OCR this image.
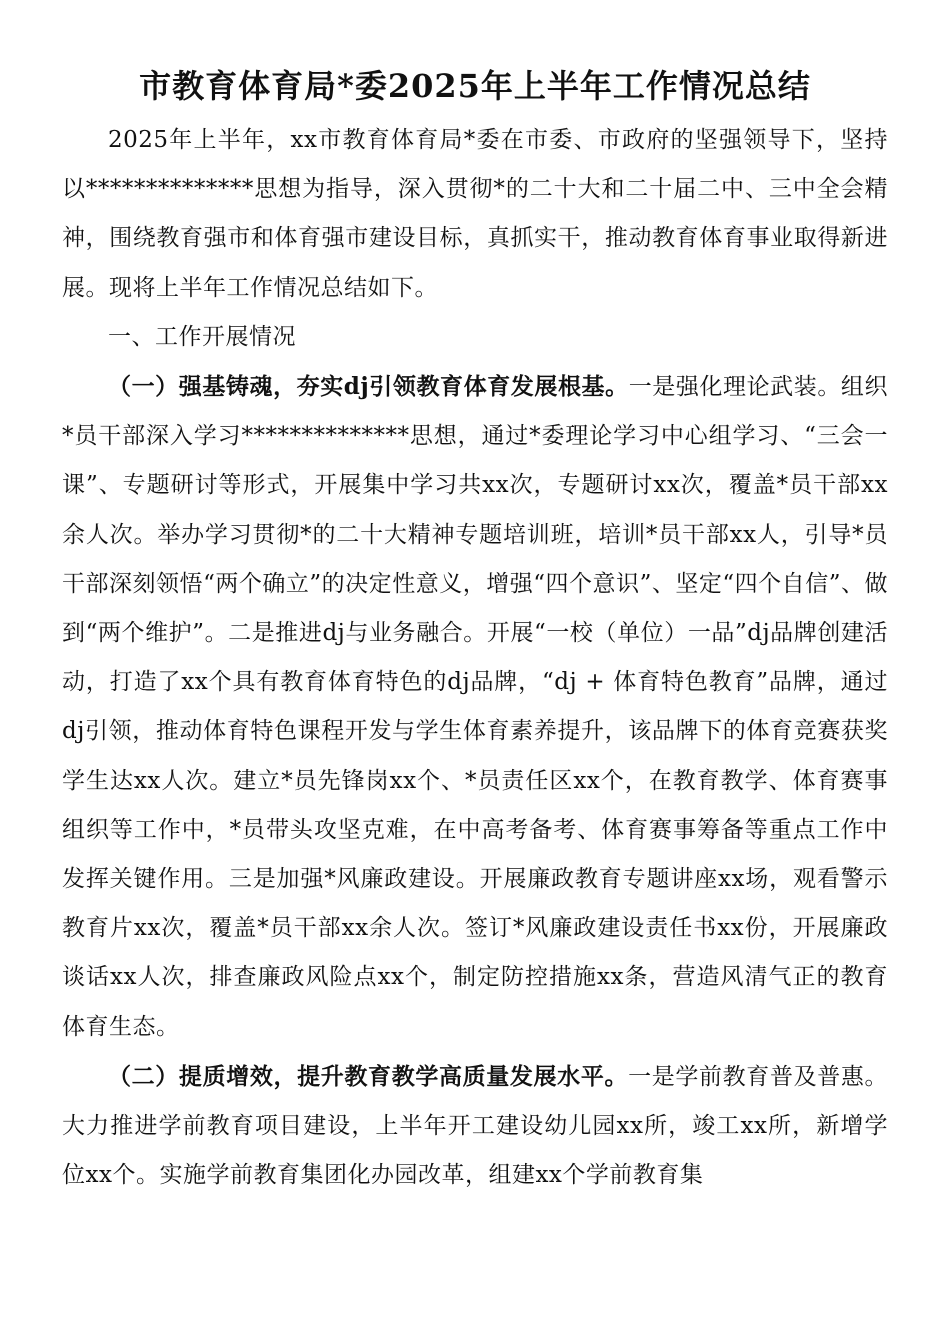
市教育体育局*委2025年上半年工作情况总结

2025年上半年，xx市教育体育局*委在市委、市政府的坚强领导下，坚持以**************思想为指导，深入贯彻*的二十大和二十届二中、三中全会精神，围绕教育强市和体育强市建设目标，真抓实干，推动教育体育事业取得新进展。现将上半年工作情况总结如下。

一、工作开展情况

（一）强基铸魂，夯实dj引领教育体育发展根基。一是强化理论武装。组织*员干部深入学习**************思想，通过*委理论学习中心组学习、“三会一课”、专题研讨等形式，开展集中学习共xx次，专题研讨xx次，覆盖*员干部xx余人次。举办学习贯彻*的二十大精神专题培训班，培训*员干部xx人，引导*员干部深刻领悟“两个确立”的决定性意义，增强“四个意识”、坚定“四个自信”、做到“两个维护”。二是推进dj与业务融合。开展“一校（单位）一品”dj品牌创建活动，打造了xx个具有教育体育特色的dj品牌，“dj + 体育特色教育”品牌，通过dj引领，推动体育特色课程开发与学生体育素养提升，该品牌下的体育竞赛获奖学生达xx人次。建立*员先锋岗xx个、*员责任区xx个，在教育教学、体育赛事组织等工作中，*员带头攻坚克难，在中高考备考、体育赛事筹备等重点工作中发挥关键作用。三是加强*风廉政建设。开展廉政教育专题讲座xx场，观看警示教育片xx次，覆盖*员干部xx余人次。签订*风廉政建设责任书xx份，开展廉政谈话xx人次，排查廉政风险点xx个，制定防控措施xx条，营造风清气正的教育体育生态。

（二）提质增效，提升教育教学高质量发展水平。一是学前教育普及普惠。大力推进学前教育项目建设，上半年开工建设幼儿园xx所，竣工xx所，新增学位xx个。实施学前教育集团化办园改革，组建xx个学前教育集
